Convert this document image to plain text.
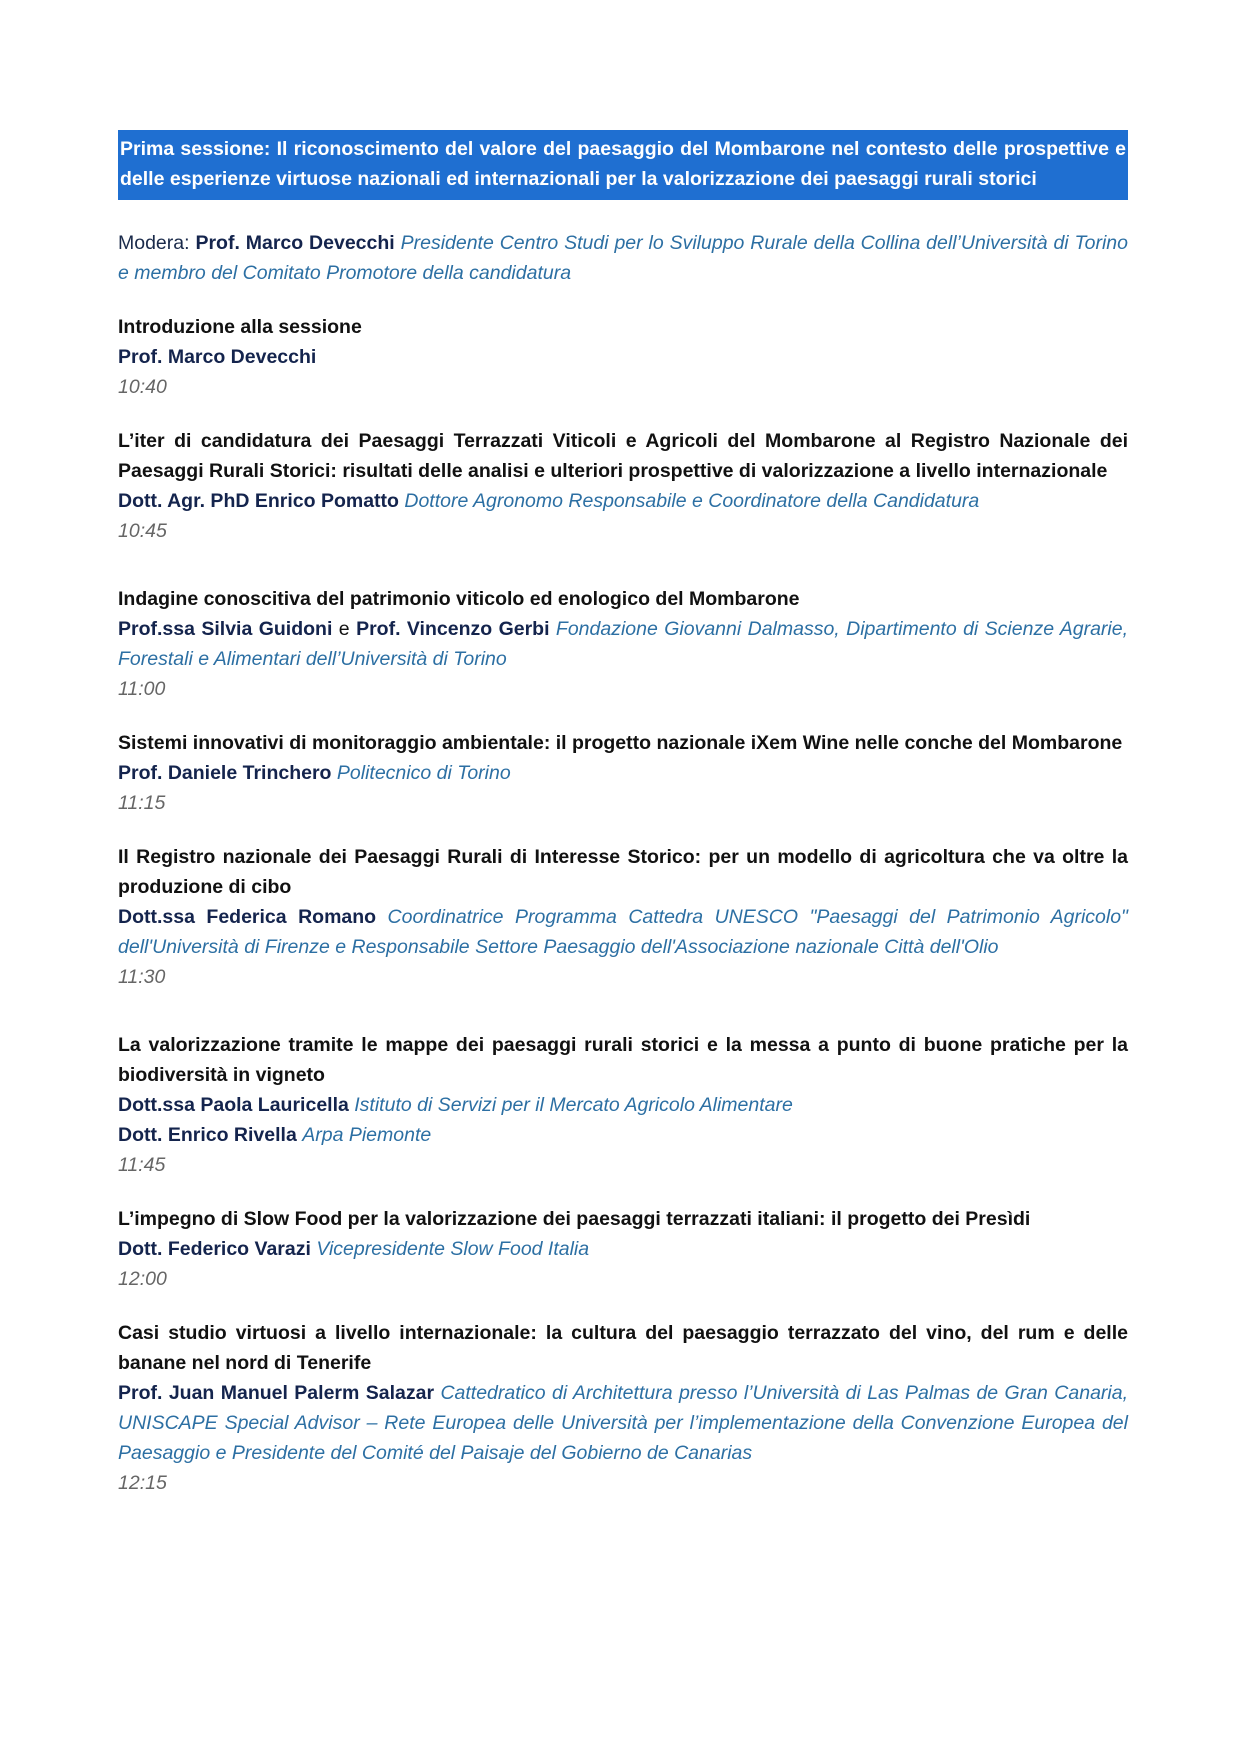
Prima sessione: Il riconoscimento del valore del paesaggio del Mombarone nel contesto delle prospettive e delle esperienze virtuose nazionali ed internazionali per la valorizzazione dei paesaggi rurali storici
Modera: Prof. Marco Devecchi Presidente Centro Studi per lo Sviluppo Rurale della Collina dell’Università di Torino e membro del Comitato Promotore della candidatura
Introduzione alla sessione
Prof. Marco Devecchi
10:40
L’iter di candidatura dei Paesaggi Terrazzati Viticoli e Agricoli del Mombarone al Registro Nazionale dei Paesaggi Rurali Storici: risultati delle analisi e ulteriori prospettive di valorizzazione a livello internazionale
Dott. Agr. PhD Enrico Pomatto Dottore Agronomo Responsabile e Coordinatore della Candidatura
10:45
Indagine conoscitiva del patrimonio viticolo ed enologico del Mombarone
Prof.ssa Silvia Guidoni e Prof. Vincenzo Gerbi Fondazione Giovanni Dalmasso, Dipartimento di Scienze Agrarie, Forestali e Alimentari dell’Università di Torino
11:00
Sistemi innovativi di monitoraggio ambientale: il progetto nazionale iXem Wine nelle conche del Mombarone
Prof. Daniele Trinchero Politecnico di Torino
11:15
Il Registro nazionale dei Paesaggi Rurali di Interesse Storico: per un modello di agricoltura che va oltre la produzione di cibo
Dott.ssa Federica Romano Coordinatrice Programma Cattedra UNESCO "Paesaggi del Patrimonio Agricolo" dell'Università di Firenze e Responsabile Settore Paesaggio dell'Associazione nazionale Città dell'Olio
11:30
La valorizzazione tramite le mappe dei paesaggi rurali storici e la messa a punto di buone pratiche per la biodiversità in vigneto
Dott.ssa Paola Lauricella Istituto di Servizi per il Mercato Agricolo Alimentare
Dott. Enrico Rivella Arpa Piemonte
11:45
L’impegno di Slow Food per la valorizzazione dei paesaggi terrazzati italiani: il progetto dei Presìdi
Dott. Federico Varazi Vicepresidente Slow Food Italia
12:00
Casi studio virtuosi a livello internazionale: la cultura del paesaggio terrazzato del vino, del rum e delle banane nel nord di Tenerife
Prof. Juan Manuel Palerm Salazar Cattedratico di Architettura presso l’Università di Las Palmas de Gran Canaria, UNISCAPE Special Advisor – Rete Europea delle Università per l’implementazione della Convenzione Europea del Paesaggio e Presidente del Comité del Paisaje del Gobierno de Canarias
12:15
